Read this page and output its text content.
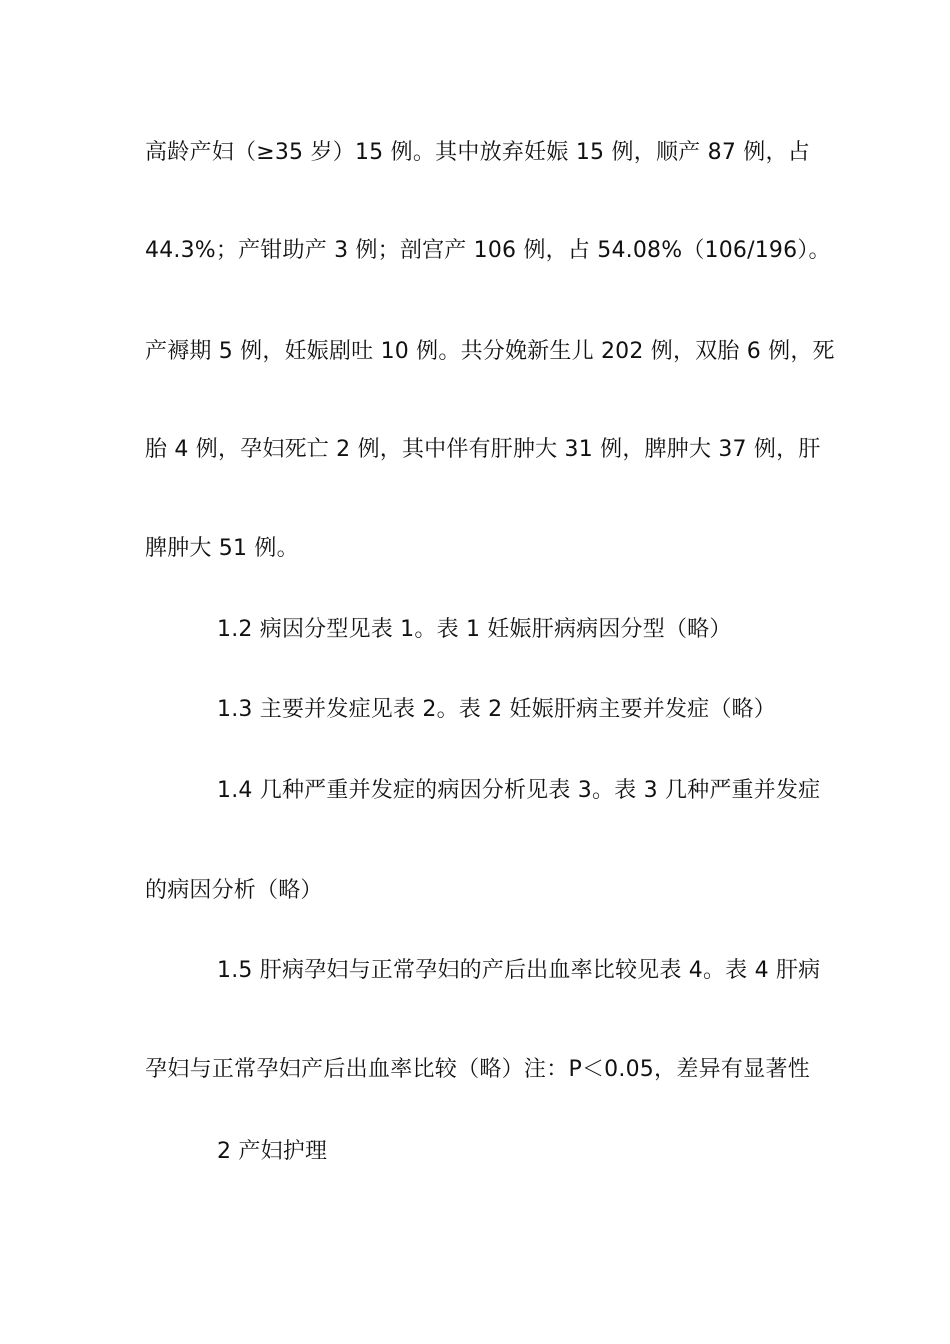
高龄产妇（≥35 岁）15 例。其中放弃妊娠 15 例，顺产 87 例，占
44.3%；产钳助产 3 例；剖宫产 106 例，占 54.08%（106/196）。
产褥期 5 例，妊娠剧吐 10 例。共分娩新生儿 202 例，双胎 6 例，死
胎 4 例，孕妇死亡 2 例，其中伴有肝肿大 31 例，脾肿大 37 例，肝
脾肿大 51 例。
1.2 病因分型见表 1。表 1 妊娠肝病病因分型（略）
1.3 主要并发症见表 2。表 2 妊娠肝病主要并发症（略）
1.4 几种严重并发症的病因分析见表 3。表 3 几种严重并发症
的病因分析（略）
1.5 肝病孕妇与正常孕妇的产后出血率比较见表 4。表 4 肝病
孕妇与正常孕妇产后出血率比较（略）注：P＜0.05，差异有显著性
2 产妇护理
